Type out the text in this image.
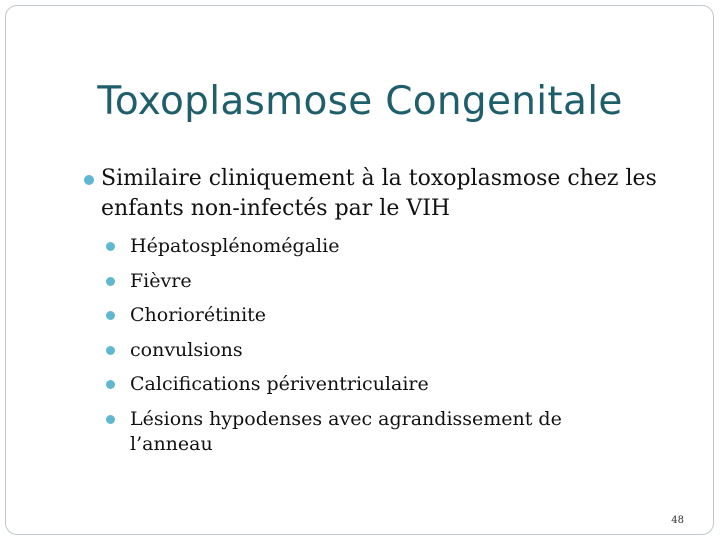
Toxoplasmose Congenitale

Similaire cliniquement à la toxoplasmose chez les enfants non-infectés par le VIH

Hépatosplénomégalie
Fièvre
Choriorétinite
convulsions
Calcifications périventriculaire
Lésions hypodenses avec agrandissement de l’anneau
48
